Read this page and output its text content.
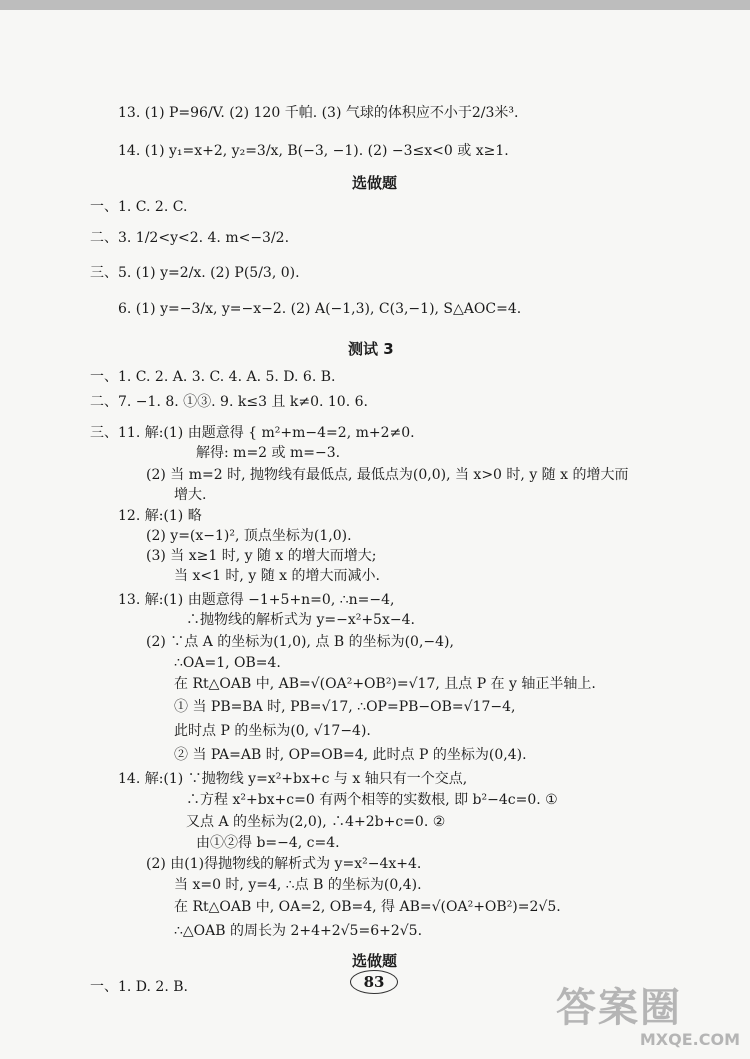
13. (1) P=96/V. (2) 120 千帕. (3) 气球的体积应不小于2/3米³.
14. (1) y₁=x+2, y₂=3/x, B(−3, −1). (2) −3≤x<0 或 x≥1.
选做题
一、1. C. 2. C.
二、3. 1/2<y<2. 4. m<−3/2.
三、5. (1) y=2/x. (2) P(5/3, 0).
6. (1) y=−3/x, y=−x−2. (2) A(−1,3), C(3,−1), S△AOC=4.
测试 3
一、1. C. 2. A. 3. C. 4. A. 5. D. 6. B.
二、7. −1. 8. ①③. 9. k≤3 且 k≠0. 10. 6.
三、11. 解:(1) 由题意得 { m²+m−4=2, m+2≠0.
解得: m=2 或 m=−3.
(2) 当 m=2 时, 抛物线有最低点, 最低点为(0,0), 当 x>0 时, y 随 x 的增大而
增大.
12. 解:(1) 略
(2) y=(x−1)², 顶点坐标为(1,0).
(3) 当 x≥1 时, y 随 x 的增大而增大;
当 x<1 时, y 随 x 的增大而减小.
13. 解:(1) 由题意得 −1+5+n=0, ∴n=−4,
∴抛物线的解析式为 y=−x²+5x−4.
(2) ∵点 A 的坐标为(1,0), 点 B 的坐标为(0,−4),
∴OA=1, OB=4.
在 Rt△OAB 中, AB=√(OA²+OB²)=√17, 且点 P 在 y 轴正半轴上.
① 当 PB=BA 时, PB=√17, ∴OP=PB−OB=√17−4,
此时点 P 的坐标为(0, √17−4).
② 当 PA=AB 时, OP=OB=4, 此时点 P 的坐标为(0,4).
14. 解:(1) ∵抛物线 y=x²+bx+c 与 x 轴只有一个交点,
∴方程 x²+bx+c=0 有两个相等的实数根, 即 b²−4c=0. ①
又点 A 的坐标为(2,0), ∴4+2b+c=0. ②
由①②得 b=−4, c=4.
(2) 由(1)得抛物线的解析式为 y=x²−4x+4.
当 x=0 时, y=4, ∴点 B 的坐标为(0,4).
在 Rt△OAB 中, OA=2, OB=4, 得 AB=√(OA²+OB²)=2√5.
∴△OAB 的周长为 2+4+2√5=6+2√5.
选做题
一、1. D. 2. B.	83
答案圈
MXQE.COM
